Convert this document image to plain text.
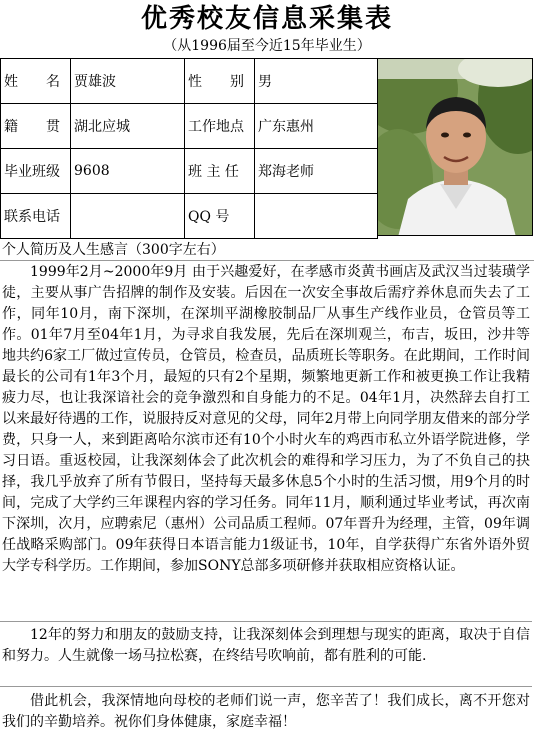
优秀校友信息采集表
（从1996届至今近15年毕业生）
姓　　名	贾雄波	性　　别	男
籍　　贯	湖北应城	工作地点	广东惠州
毕业班级	9608	班 主 任	郑海老师
联系电话		QQ 号	
个人简历及人生感言（300字左右）
1999年2月~2000年9月 由于兴趣爱好，在孝感市炎黄书画店及武汉当过装璜学徒，主要从事广告招牌的制作及安装。后因在一次安全事故后需疗养休息而失去了工作，同年10月，南下深圳，在深圳平湖橡胶制品厂从事生产线作业员，仓管员等工作。01年7月至04年1月，为寻求自我发展，先后在深圳观兰，布吉，坂田，沙井等地共约6家工厂做过宣传员，仓管员，检查员，品质班长等职务。在此期间，工作时间最长的公司有1年3个月，最短的只有2个星期，频繁地更新工作和被更换工作让我精疲力尽，也让我深谙社会的竞争激烈和自身能力的不足。04年1月，决然辞去自打工以来最好待遇的工作，说服持反对意见的父母，同年2月带上向同学朋友借来的部分学费，只身一人，来到距离哈尔滨市还有10个小时火车的鸡西市私立外语学院进修，学习日语。重返校园，让我深刻体会了此次机会的难得和学习压力，为了不负自己的抉择，我几乎放弃了所有节假日，坚持每天最多休息5个小时的生活习惯，用9个月的时间，完成了大学约三年课程内容的学习任务。同年11月，顺利通过毕业考试，再次南下深圳，次月，应聘索尼（惠州）公司品质工程师。07年晋升为经理，主管，09年调任战略采购部门。09年获得日本语言能力1级证书，10年，自学获得广东省外语外贸大学专科学历。工作期间，参加SONY总部多项研修并获取相应资格认证。
12年的努力和朋友的鼓励支持，让我深刻体会到理想与现实的距离，取决于自信和努力。人生就像一场马拉松赛，在终结号吹响前，都有胜利的可能.
借此机会，我深情地向母校的老师们说一声，您辛苦了！我们成长，离不开您对我们的辛勤培养。祝你们身体健康，家庭幸福！
